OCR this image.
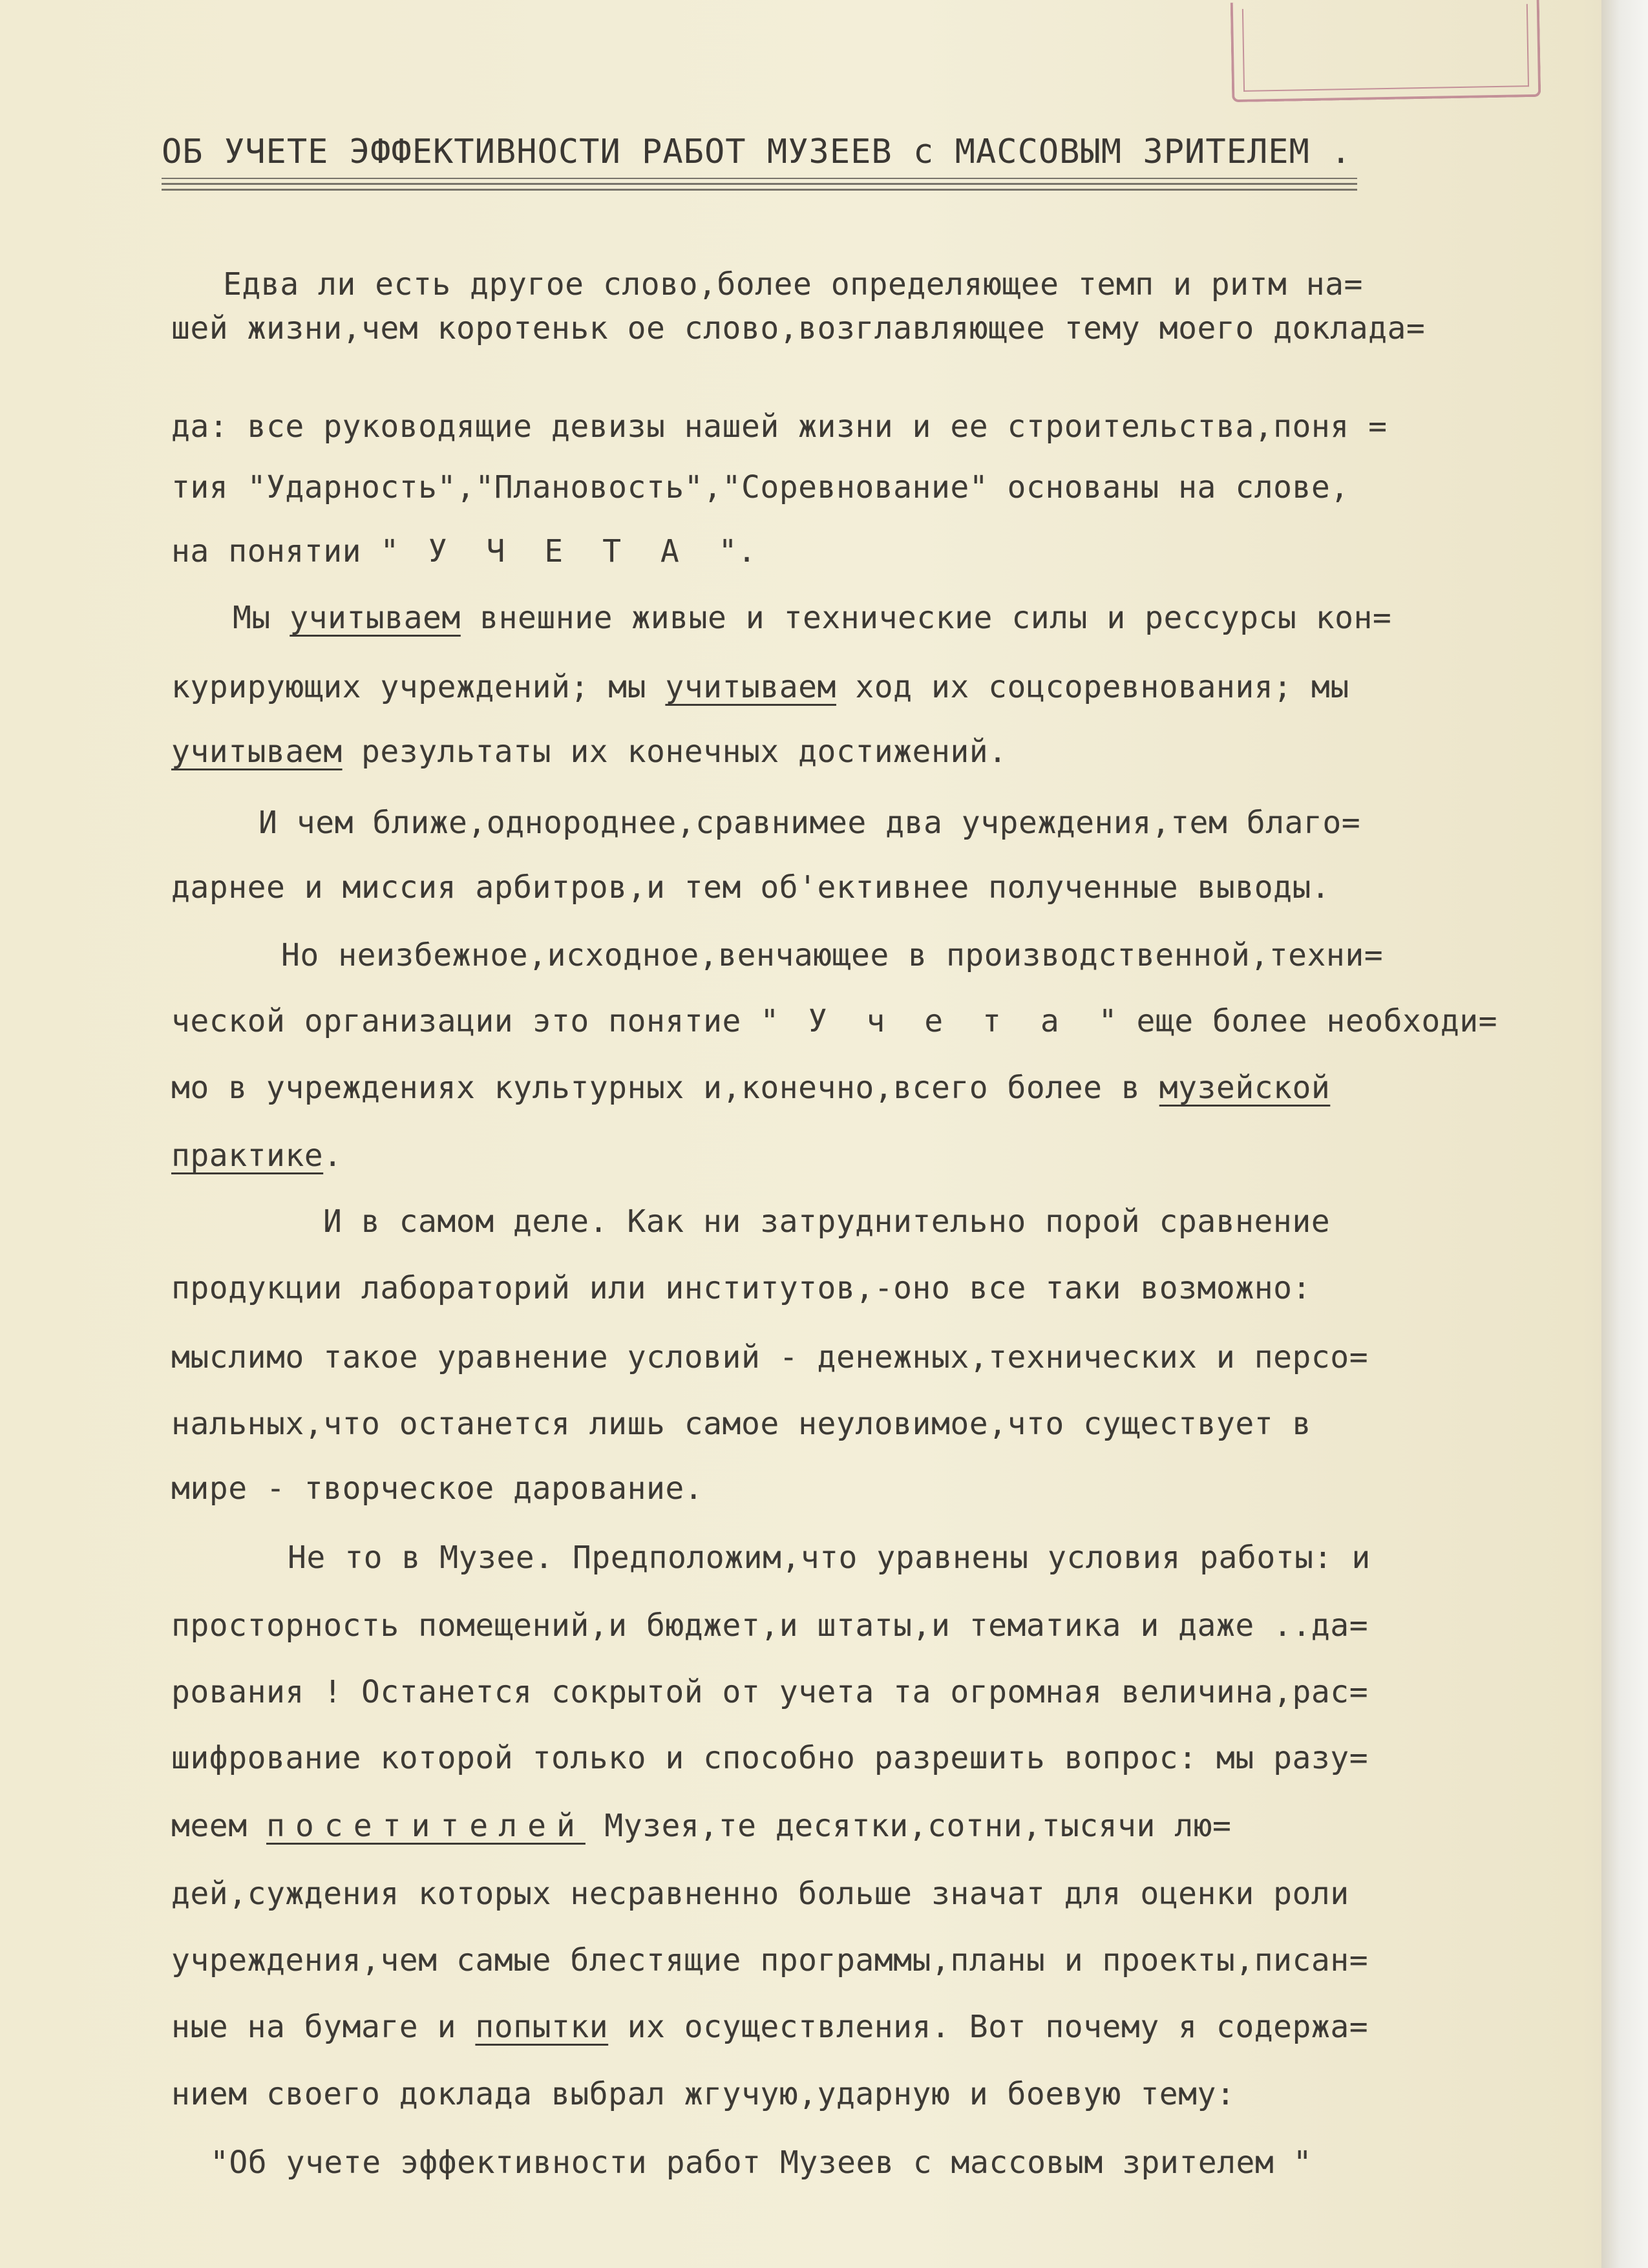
ОБ УЧЕТЕ ЭФФЕКТИВНОСТИ РАБОТ МУЗЕЕВ с МАССОВЫМ ЗРИТЕЛЕМ .
Едва ли есть другое слово,более определяющее темп и ритм на=
шей жизни,чем коротеньк ое слово,возглавляющее тему моего доклада=
да: все руководящие девизы нашей жизни и ее строительства,поня =
тия "Ударность","Плановость","Соревнование" основаны на слове,
на понятии " У Ч Е Т А ".
Мы учитываем внешние живые и технические силы и рессурсы кон=
курирующих учреждений; мы учитываем ход их соцсоревнования; мы
учитываем результаты их конечных достижений.
И чем ближе,однороднее,сравнимее два учреждения,тем благо=
дарнее и миссия арбитров,и тем об'ективнее полученные выводы.
Но неизбежное,исходное,венчающее в производственной,техни=
ческой организации это понятие " У ч е т а " еще более необходи=
мо в учреждениях культурных и,конечно,всего более в музейской
практике.
И в самом деле. Как ни затруднительно порой сравнение
продукции лабораторий или институтов,-оно все таки возможно:
мыслимо такое уравнение условий - денежных,технических и персо=
нальных,что останется лишь самое неуловимое,что существует в
мире - творческое дарование.
Не то в Музее. Предположим,что уравнены условия работы: и
просторность помещений,и бюджет,и штаты,и тематика и даже ..да=
рования ! Останется сокрытой от учета та огромная величина,рас=
шифрование которой только и способно разрешить вопрос: мы разу=
меем посетителей Музея,те десятки,сотни,тысячи лю=
дей,суждения которых несравненно больше значат для оценки роли
учреждения,чем самые блестящие программы,планы и проекты,писан=
ные на бумаге и попытки их осуществления. Вот почему я содержа=
нием своего доклада выбрал жгучую,ударную и боевую тему:
"Об учете эффективности работ Музеев с массовым зрителем "
